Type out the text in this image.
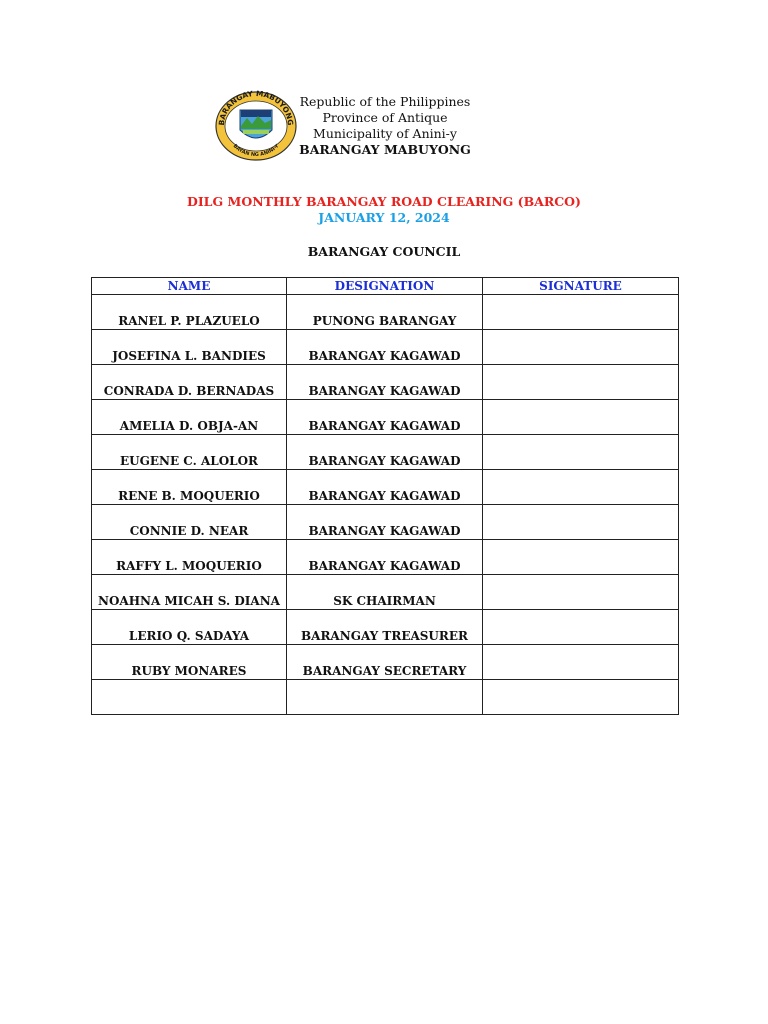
BARANGAY MABUYONG
BAYAN NG ANINI-Y
Republic of the Philippines
Province of Antique
Municipality of Anini-y
BARANGAY MABUYONG
DILG MONTHLY BARANGAY ROAD CLEARING (BARCO)
JANUARY 12, 2024
BARANGAY COUNCIL
NAME	DESIGNATION	SIGNATURE
RANEL P. PLAZUELO	PUNONG BARANGAY	
JOSEFINA L. BANDIES	BARANGAY KAGAWAD	
CONRADA D. BERNADAS	BARANGAY KAGAWAD	
AMELIA D. OBJA-AN	BARANGAY KAGAWAD	
EUGENE C. ALOLOR	BARANGAY KAGAWAD	
RENE B. MOQUERIO	BARANGAY KAGAWAD	
CONNIE D. NEAR	BARANGAY KAGAWAD	
RAFFY L. MOQUERIO	BARANGAY KAGAWAD	
NOAHNA MICAH S. DIANA	SK CHAIRMAN	
LERIO Q. SADAYA	BARANGAY TREASURER	
RUBY MONARES	BARANGAY SECRETARY	
